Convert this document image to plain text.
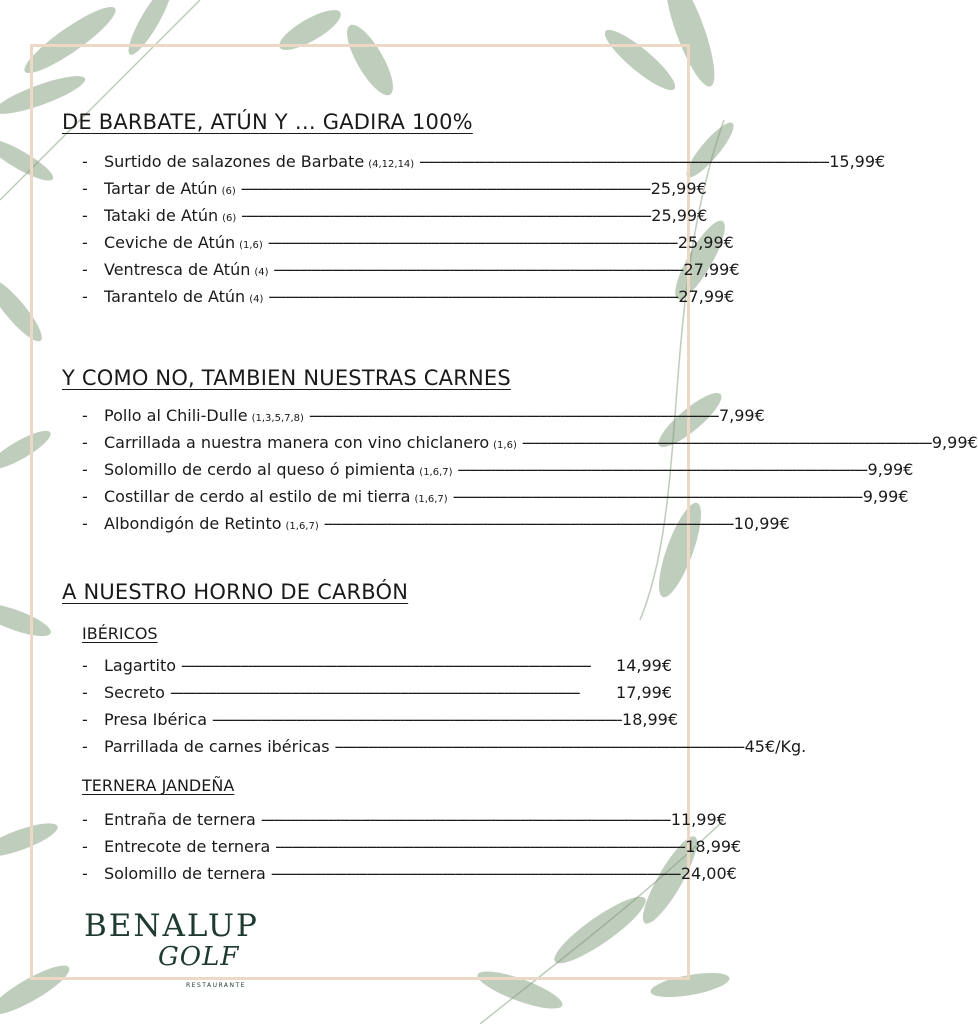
DE BARBATE, ATÚN Y … GADIRA 100%
-	Surtido de salazones de Barbate (4,12,14) -------------------------------------------------------------------------------------------------- 15,99€
-	Tartar de Atún (6) -------------------------------------------------------------------------------------------------- 25,99€
-	Tataki de Atún (6) -------------------------------------------------------------------------------------------------- 25,99€
-	Ceviche de Atún (1,6) -------------------------------------------------------------------------------------------------- 25,99€
-	Ventresca de Atún (4) -------------------------------------------------------------------------------------------------- 27,99€
-	Tarantelo de Atún (4) -------------------------------------------------------------------------------------------------- 27,99€
Y COMO NO, TAMBIEN NUESTRAS CARNES
-	Pollo al Chili-Dulle (1,3,5,7,8) -------------------------------------------------------------------------------------------------- 7,99€
-	Carrillada a nuestra manera con vino chiclanero (1,6) -------------------------------------------------------------------------------------------------- 9,99€
-	Solomillo de cerdo al queso ó pimienta (1,6,7) -------------------------------------------------------------------------------------------------- 9,99€
-	Costillar de cerdo al estilo de mi tierra (1,6,7) -------------------------------------------------------------------------------------------------- 9,99€
-	Albondigón de Retinto (1,6,7) -------------------------------------------------------------------------------------------------- 10,99€
A NUESTRO HORNO DE CARBÓN
IBÉRICOS
-	Lagartito --------------------------------------------------------------------------------------------------	14,99€
-	Secreto --------------------------------------------------------------------------------------------------	17,99€
-	Presa Ibérica -------------------------------------------------------------------------------------------------- 18,99€
-	Parrillada de carnes ibéricas -------------------------------------------------------------------------------------------------- 45€/Kg.
TERNERA JANDEÑA
-	Entraña de ternera -------------------------------------------------------------------------------------------------- 11,99€
-	Entrecote de ternera -------------------------------------------------------------------------------------------------- 18,99€
-	Solomillo de ternera -------------------------------------------------------------------------------------------------- 24,00€
BENALUP
GOLF
RESTAURANTE
